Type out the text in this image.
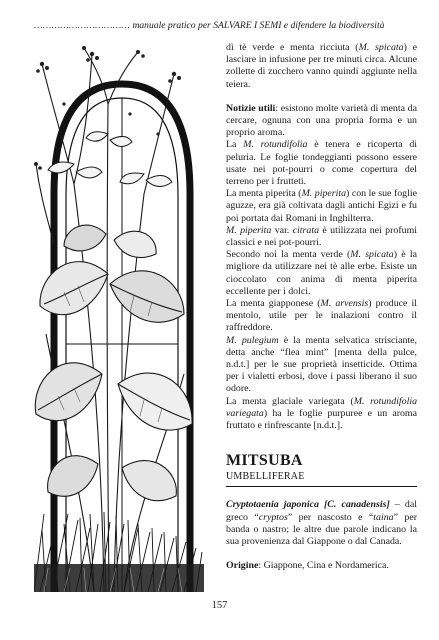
…………………………… manuale pratico per SALVARE I SEMI e difendere la biodiversità

dì tè verde e menta ricciuta (M. spicata) e lasciare in infusione per tre minuti circa. Alcune zollette di zucchero vanno quindi aggiunte nella teiera.

Notizie utili: esistono molte varietà di menta da cercare, ognuna con una propria forma e un proprio aroma.

La M. rotundifolia è tenera e ricoperta di peluria. Le foglie tondeggianti possono essere usate nei pot-pourri o come copertura del terreno per i frutteti.

La menta piperita (M. piperita) con le sue foglie aguzze, era già coltivata dagli antichi Egizi e fu poi portata dai Romani in Inghilterra.

M. piperita var. citrata è utilizzata nei profumi classici e nei pot-pourri.

Secondo noi la menta verde (M. spicata) è la migliore da utilizzare nei tè alle erbe. Esiste un cioccolato con anima di menta piperita eccellente per i dolci.

La menta giapponese (M. arvensis) produce il mentolo, utile per le inalazioni contro il raffreddore.

M. pulegium è la menta selvatica strisciante, detta anche “flea mint” [menta della pulce, n.d.t.] per le sue proprietà insetticide. Ottima per i vialetti erbosi, dove i passi liberano il suo odore.

La menta glaciale variegata (M. rotundifolia variegata) ha le foglie purpuree e un aroma fruttato e rinfrescante [n.d.t.].

MITSUBA
UMBELLIFERAE

Cryptotaenia japonica [C. canadensis] – dal greco “cryptos” per nascosto e “taina” per banda o nastro; le altre due parole indicano la sua provenienza dal Giappone o dal Canada.

Origine: Giappone, Cina e Nordamerica.

157
